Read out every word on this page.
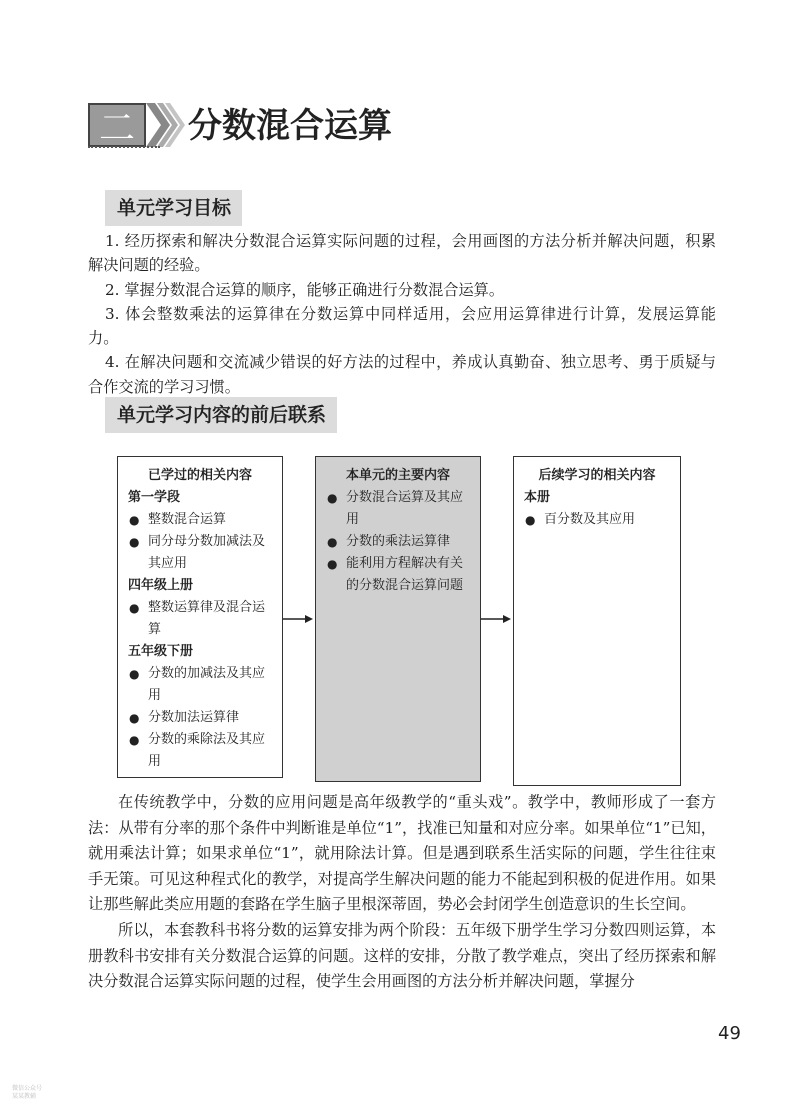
二 分数混合运算
单元学习目标

1. 经历探索和解决分数混合运算实际问题的过程，会用画图的方法分析并解决问题，积累解决问题的经验。

2. 掌握分数混合运算的顺序，能够正确进行分数混合运算。

3. 体会整数乘法的运算律在分数运算中同样适用，会应用运算律进行计算，发展运算能力。

4. 在解决问题和交流减少错误的好方法的过程中，养成认真勤奋、独立思考、勇于质疑与合作交流的学习习惯。

单元学习内容的前后联系
已学过的相关内容
第一学段
● 整数混合运算
● 同分母分数加减法及其应用
四年级上册
● 整数运算律及混合运算
五年级下册
● 分数的加减法及其应用
● 分数加法运算律
● 分数的乘除法及其应用
本单元的主要内容
● 分数混合运算及其应用
● 分数的乘法运算律
● 能利用方程解决有关的分数混合运算问题
后续学习的相关内容
本册
● 百分数及其应用

在传统教学中，分数的应用问题是高年级教学的“重头戏”。教学中，教师形成了一套方法：从带有分率的那个条件中判断谁是单位“1”，找准已知量和对应分率。如果单位“1”已知，就用乘法计算；如果求单位“1”，就用除法计算。但是遇到联系生活实际的问题，学生往往束手无策。可见这种程式化的教学，对提高学生解决问题的能力不能起到积极的促进作用。如果让那些解此类应用题的套路在学生脑子里根深蒂固，势必会封闭学生创造意识的生长空间。

所以，本套教科书将分数的运算安排为两个阶段：五年级下册学生学习分数四则运算，本册教科书安排有关分数混合运算的问题。这样的安排，分散了教学难点，突出了经历探索和解决分数混合运算实际问题的过程，使学生会用画图的方法分析并解决问题，掌握分

49
微信公众号
某某教辅
